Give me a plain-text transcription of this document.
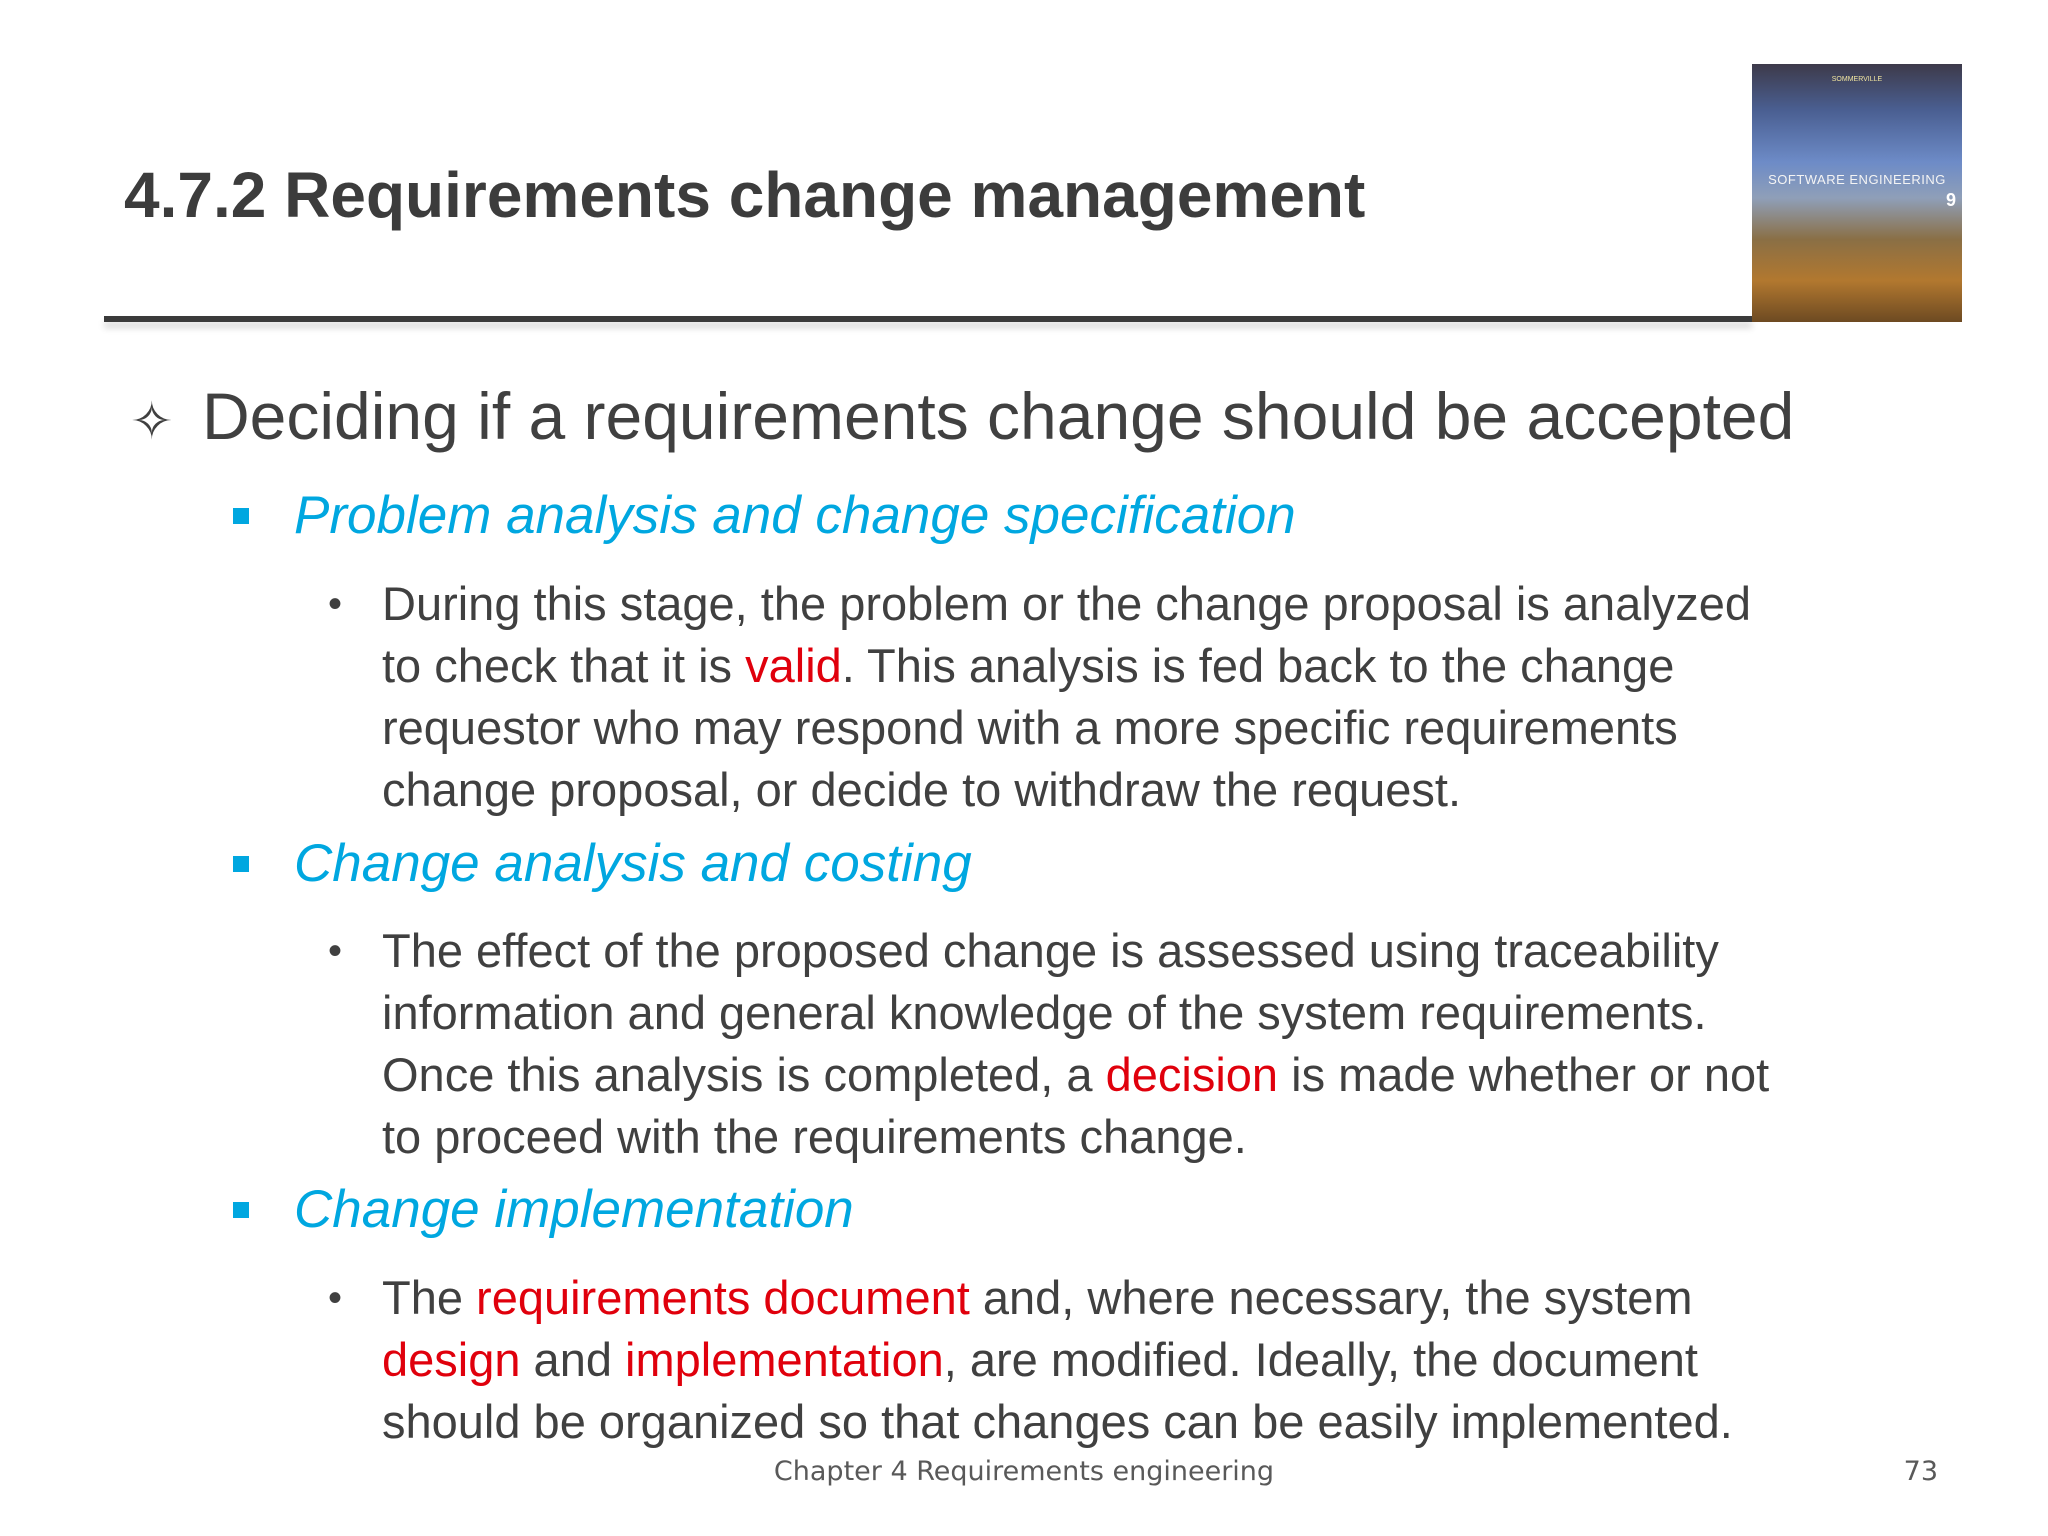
4.7.2 Requirements change management
SOMMERVILLE
SOFTWARE ENGINEERING
9
✧ Deciding if a requirements change should be accepted
Problem analysis and change specification
• During this stage, the problem or the change proposal is analyzed
to check that it is valid. This analysis is fed back to the change
requestor who may respond with a more specific requirements
change proposal, or decide to withdraw the request.
Change analysis and costing
• The effect of the proposed change is assessed using traceability
information and general knowledge of the system requirements.
Once this analysis is completed, a decision is made whether or not
to proceed with the requirements change.
Change implementation
• The requirements document and, where necessary, the system
design and implementation, are modified. Ideally, the document
should be organized so that changes can be easily implemented.
Chapter 4 Requirements engineering	73
